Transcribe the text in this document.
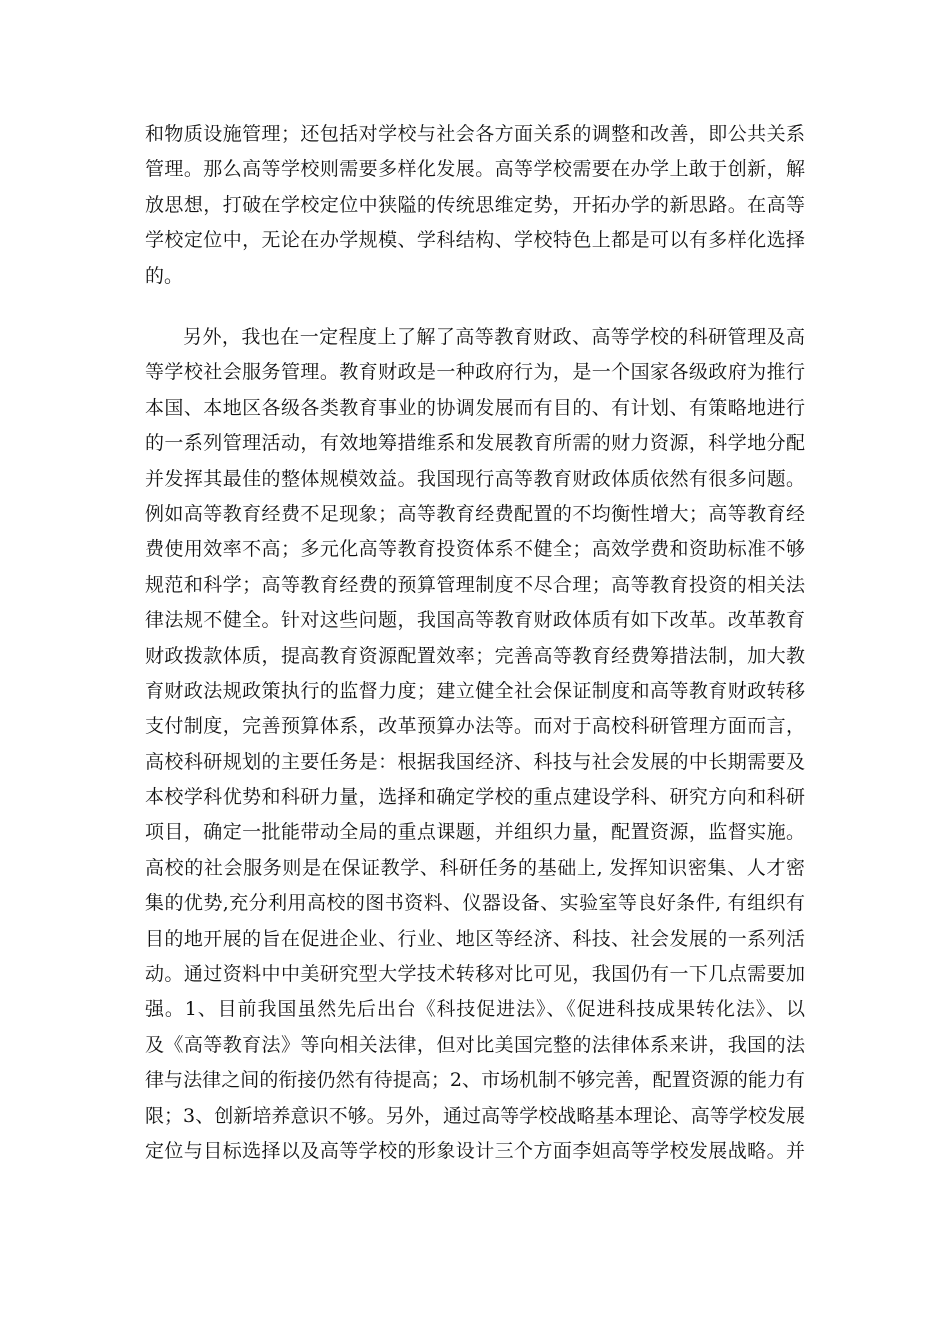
和物质设施管理；还包括对学校与社会各方面关系的调整和改善，即公共关系
管理。那么高等学校则需要多样化发展。高等学校需要在办学上敢于创新，解
放思想，打破在学校定位中狭隘的传统思维定势，开拓办学的新思路。在高等
学校定位中，无论在办学规模、学科结构、学校特色上都是可以有多样化选择
的。
另外，我也在一定程度上了解了高等教育财政、高等学校的科研管理及高
等学校社会服务管理。教育财政是一种政府行为，是一个国家各级政府为推行
本国、本地区各级各类教育事业的协调发展而有目的、有计划、有策略地进行
的一系列管理活动，有效地筹措维系和发展教育所需的财力资源，科学地分配
并发挥其最佳的整体规模效益。我国现行高等教育财政体质依然有很多问题。
例如高等教育经费不足现象；高等教育经费配置的不均衡性增大；高等教育经
费使用效率不高；多元化高等教育投资体系不健全；高效学费和资助标准不够
规范和科学；高等教育经费的预算管理制度不尽合理；高等教育投资的相关法
律法规不健全。针对这些问题，我国高等教育财政体质有如下改革。改革教育
财政拨款体质，提高教育资源配置效率；完善高等教育经费筹措法制，加大教
育财政法规政策执行的监督力度；建立健全社会保证制度和高等教育财政转移
支付制度，完善预算体系，改革预算办法等。而对于高校科研管理方面而言，
高校科研规划的主要任务是：根据我国经济、科技与社会发展的中长期需要及
本校学科优势和科研力量，选择和确定学校的重点建设学科、研究方向和科研
项目，确定一批能带动全局的重点课题，并组织力量，配置资源，监督实施。
高校的社会服务则是在保证教学、科研任务的基础上, 发挥知识密集、人才密
集的优势,充分利用高校的图书资料、仪器设备、实验室等良好条件, 有组织有
目的地开展的旨在促进企业、行业、地区等经济、科技、社会发展的一系列活
动。通过资料中中美研究型大学技术转移对比可见，我国仍有一下几点需要加
强。1、目前我国虽然先后出台《科技促进法》、《促进科技成果转化法》、以
及《高等教育法》等向相关法律，但对比美国完整的法律体系来讲，我国的法
律与法律之间的衔接仍然有待提高；2、市场机制不够完善，配置资源的能力有
限；3、创新培养意识不够。另外，通过高等学校战略基本理论、高等学校发展
定位与目标选择以及高等学校的形象设计三个方面李妲高等学校发展战略。并
